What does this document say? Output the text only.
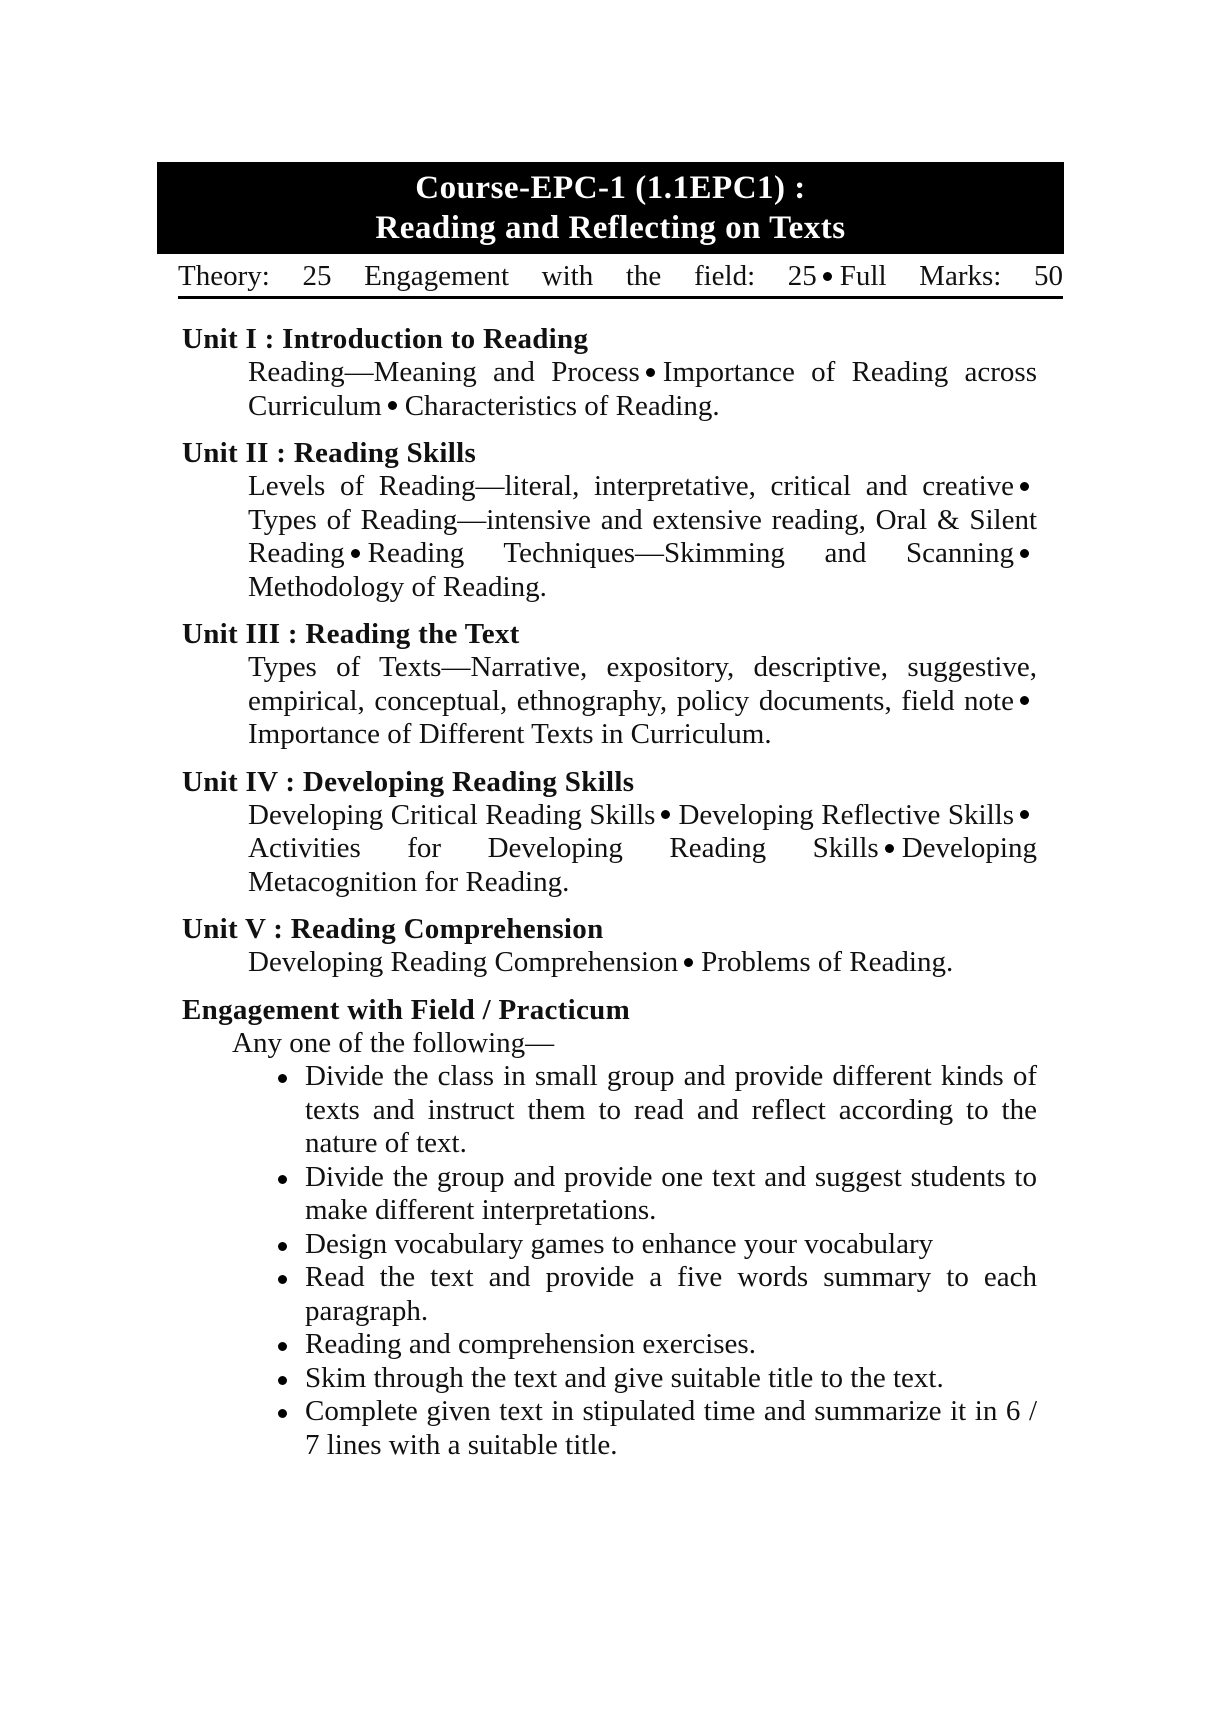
Course-EPC-1 (1.1EPC1) :
Reading and Reflecting on Texts
Theory: 25 Engagement with the field: 25 Full Marks: 50
Unit I : Introduction to Reading
Reading—Meaning and Process Importance of Reading across Curriculum Characteristics of Reading.
Unit II : Reading Skills
Levels of Reading—literal, interpretative, critical and creativeTypes of Reading—intensive and extensive reading, Oral & Silent Reading Reading Techniques—Skimming and ScanningMethodology of Reading.
Unit III : Reading the Text
Types of Texts—Narrative, expository, descriptive, suggestive, empirical, conceptual, ethnography, policy documents, field noteImportance of Different Texts in Curriculum.
Unit IV : Developing Reading Skills
Developing Critical Reading Skills Developing Reflective SkillsActivities for Developing Reading Skills Developing Metacognition for Reading.
Unit V : Reading Comprehension
Developing Reading Comprehension Problems of Reading.
Engagement with Field / Practicum
Any one of the following—
Divide the class in small group and provide different kinds of texts and instruct them to read and reflect according to the nature of text.
Divide the group and provide one text and suggest students to make different interpretations.
Design vocabulary games to enhance your vocabulary
Read the text and provide a five words summary to each paragraph.
Reading and comprehension exercises.
Skim through the text and give suitable title to the text.
Complete given text in stipulated time and summarize it in 6 / 7 lines with a suitable title.
